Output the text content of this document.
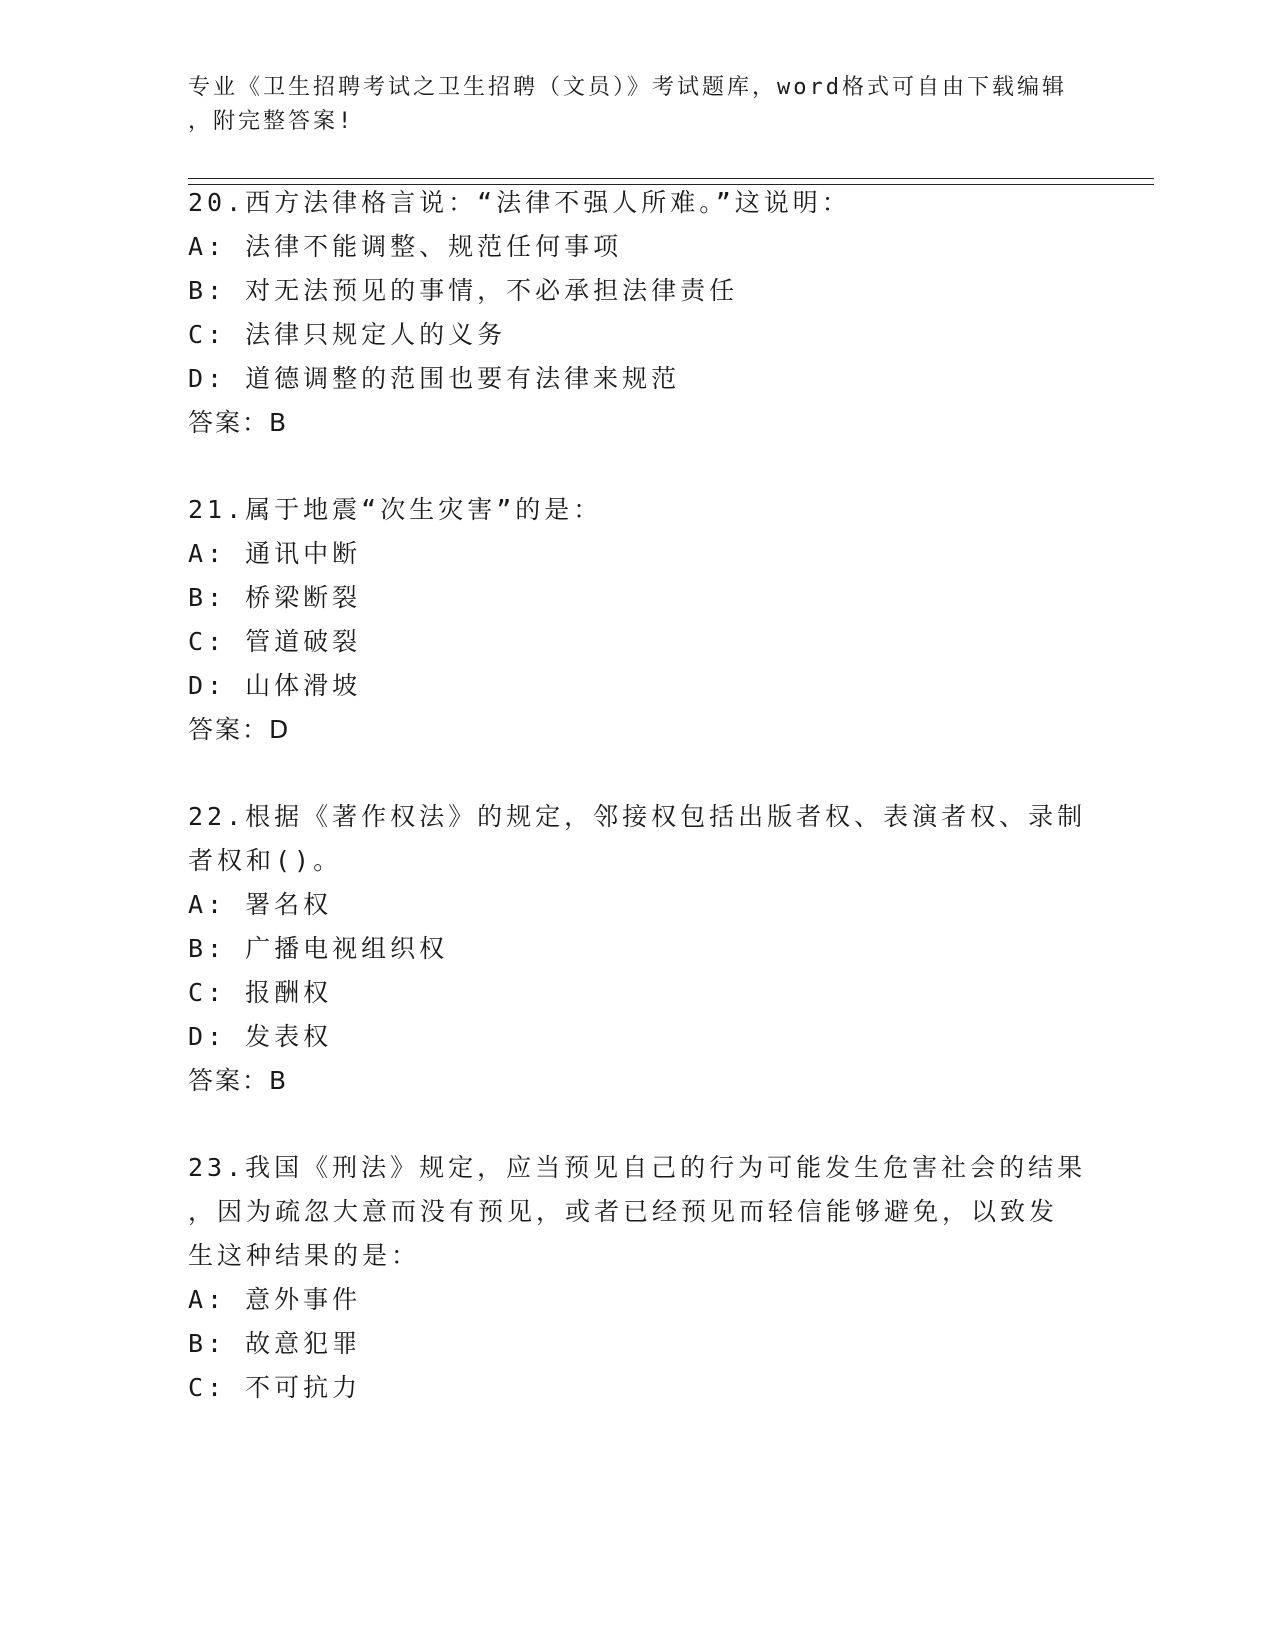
专业《卫生招聘考试之卫生招聘（文员）》考试题库，word格式可自由下载编辑
，附完整答案!
20.西方法律格言说：“法律不强人所难。”这说明：
A: 法律不能调整、规范任何事项
B: 对无法预见的事情，不必承担法律责任
C: 法律只规定人的义务
D: 道德调整的范围也要有法律来规范
答案：B
21.属于地震“次生灾害”的是：
A: 通讯中断
B: 桥梁断裂
C: 管道破裂
D: 山体滑坡
答案：D
22.根据《著作权法》的规定，邻接权包括出版者权、表演者权、录制
者权和()。
A: 署名权
B: 广播电视组织权
C: 报酬权
D: 发表权
答案：B
23.我国《刑法》规定，应当预见自己的行为可能发生危害社会的结果
，因为疏忽大意而没有预见，或者已经预见而轻信能够避免，以致发
生这种结果的是：
A: 意外事件
B: 故意犯罪
C: 不可抗力
